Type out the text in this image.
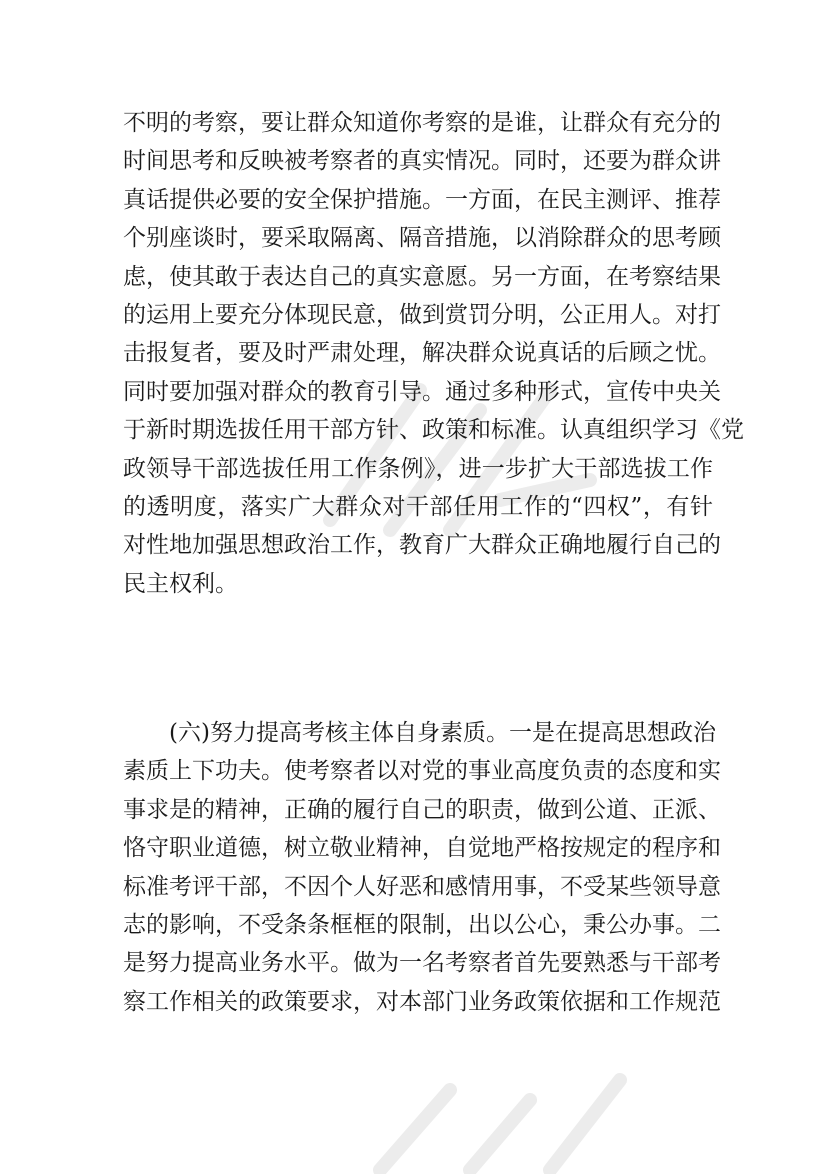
不明的考察，要让群众知道你考察的是谁，让群众有充分的
时间思考和反映被考察者的真实情况。同时，还要为群众讲
真话提供必要的安全保护措施。一方面，在民主测评、推荐
个别座谈时，要采取隔离、隔音措施，以消除群众的思考顾
虑，使其敢于表达自己的真实意愿。另一方面，在考察结果
的运用上要充分体现民意，做到赏罚分明，公正用人。对打
击报复者，要及时严肃处理，解决群众说真话的后顾之忧。
同时要加强对群众的教育引导。通过多种形式，宣传中央关
于新时期选拔任用干部方针、政策和标准。认真组织学习《党
政领导干部选拔任用工作条例》，进一步扩大干部选拔工作
的透明度，落实广大群众对干部任用工作的“四权”，有针
对性地加强思想政治工作，教育广大群众正确地履行自己的
民主权利。
(六)努力提高考核主体自身素质。一是在提高思想政治
素质上下功夫。使考察者以对党的事业高度负责的态度和实
事求是的精神，正确的履行自己的职责，做到公道、正派、
恪守职业道德，树立敬业精神，自觉地严格按规定的程序和
标准考评干部，不因个人好恶和感情用事，不受某些领导意
志的影响，不受条条框框的限制，出以公心，秉公办事。二
是努力提高业务水平。做为一名考察者首先要熟悉与干部考
察工作相关的政策要求，对本部门业务政策依据和工作规范
